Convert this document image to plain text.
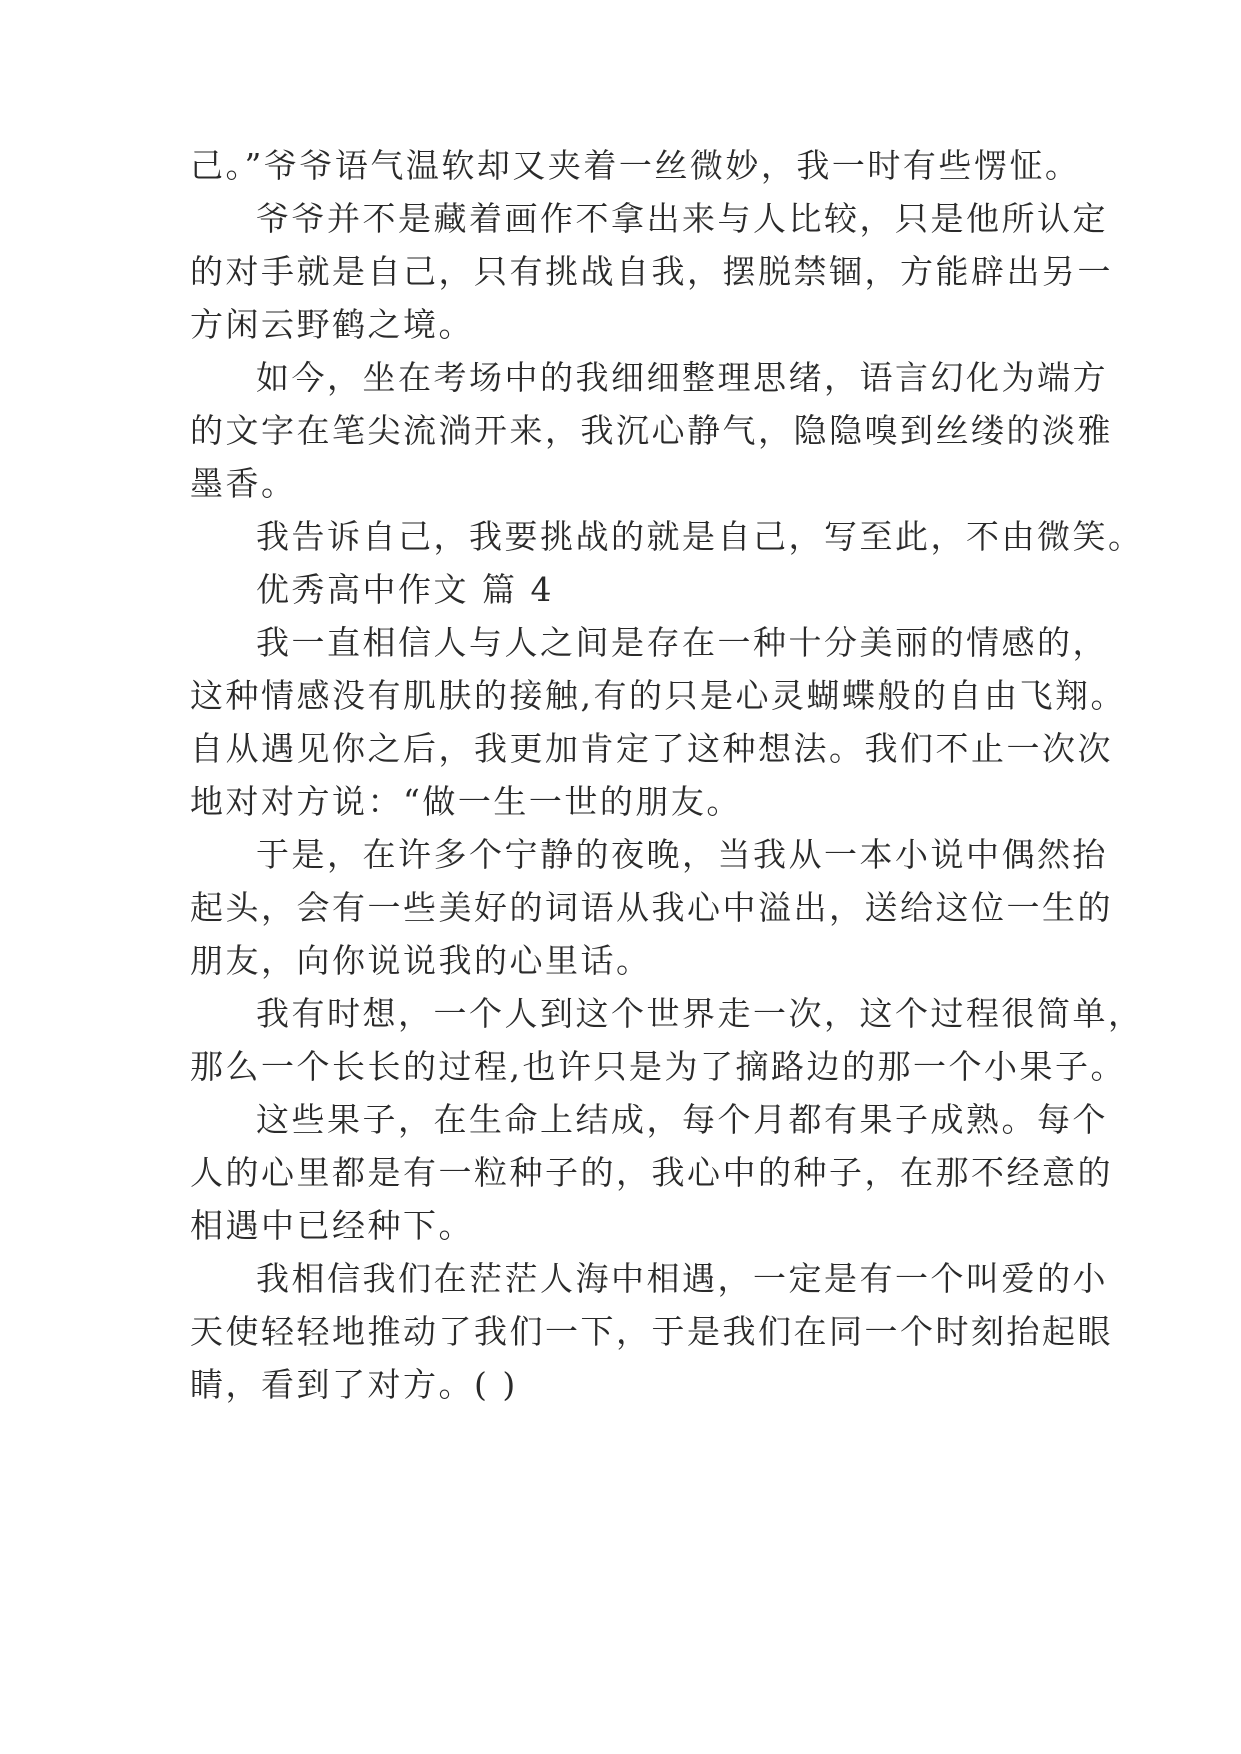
己。”爷爷语气温软却又夹着一丝微妙，我一时有些愣怔。
爷爷并不是藏着画作不拿出来与人比较，只是他所认定
的对手就是自己，只有挑战自我，摆脱禁锢，方能辟出另一
方闲云野鹤之境。
如今，坐在考场中的我细细整理思绪，语言幻化为端方
的文字在笔尖流淌开来，我沉心静气，隐隐嗅到丝缕的淡雅
墨香。
我告诉自己，我要挑战的就是自己，写至此，不由微笑。
优秀高中作文 篇 4
我一直相信人与人之间是存在一种十分美丽的情感的，
这种情感没有肌肤的接触,有的只是心灵蝴蝶般的自由飞翔。
自从遇见你之后，我更加肯定了这种想法。我们不止一次次
地对对方说：“做一生一世的朋友。
于是，在许多个宁静的夜晚，当我从一本小说中偶然抬
起头，会有一些美好的词语从我心中溢出，送给这位一生的
朋友，向你说说我的心里话。
我有时想，一个人到这个世界走一次，这个过程很简单，
那么一个长长的过程,也许只是为了摘路边的那一个小果子。
这些果子，在生命上结成，每个月都有果子成熟。每个
人的心里都是有一粒种子的，我心中的种子，在那不经意的
相遇中已经种下。
我相信我们在茫茫人海中相遇，一定是有一个叫爱的小
天使轻轻地推动了我们一下，于是我们在同一个时刻抬起眼
睛，看到了对方。( )
